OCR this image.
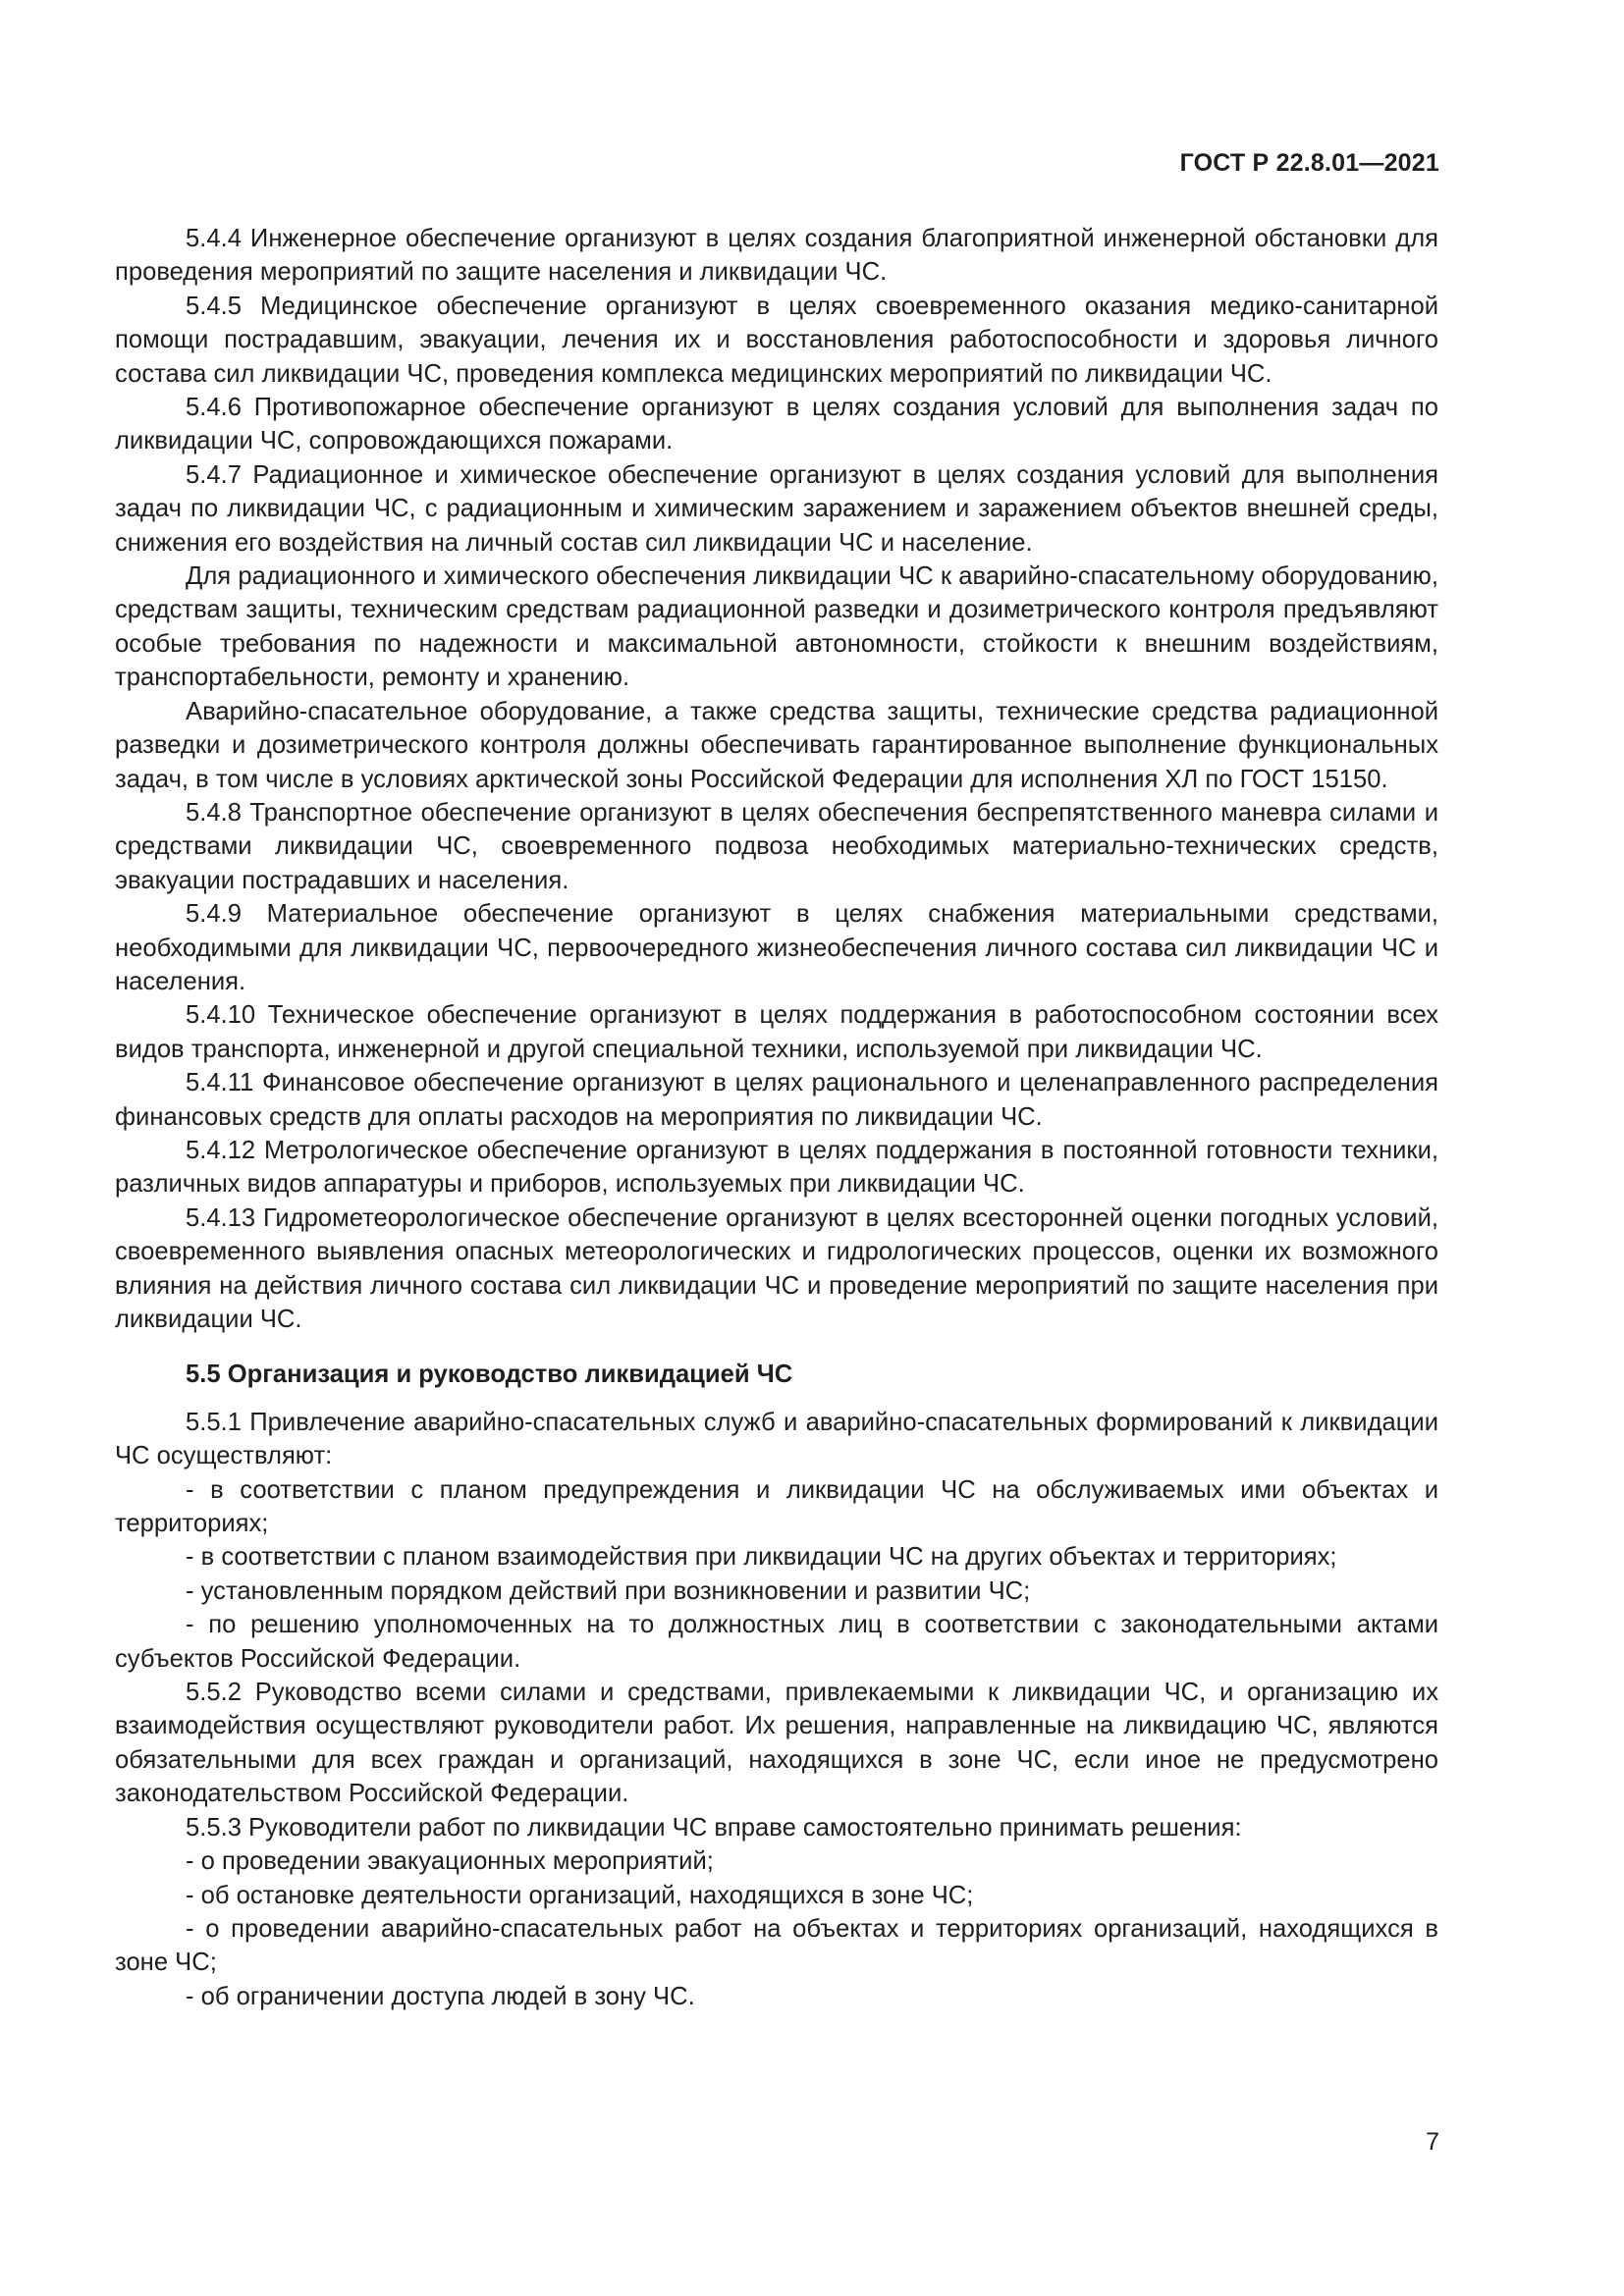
ГОСТ Р 22.8.01—2021

5.4.4 Инженерное обеспечение организуют в целях создания благоприятной инженерной обстановки для проведения мероприятий по защите населения и ликвидации ЧС.

5.4.5 Медицинское обеспечение организуют в целях своевременного оказания медико-санитарной помощи пострадавшим, эвакуации, лечения их и восстановления работоспособности и здоровья личного состава сил ликвидации ЧС, проведения комплекса медицинских мероприятий по ликвидации ЧС.

5.4.6 Противопожарное обеспечение организуют в целях создания условий для выполнения задач по ликвидации ЧС, сопровождающихся пожарами.

5.4.7 Радиационное и химическое обеспечение организуют в целях создания условий для выполнения задач по ликвидации ЧС, с радиационным и химическим заражением и заражением объектов внешней среды, снижения его воздействия на личный состав сил ликвидации ЧС и население.

Для радиационного и химического обеспечения ликвидации ЧС к аварийно-спасательному оборудованию, средствам защиты, техническим средствам радиационной разведки и дозиметрического контроля предъявляют особые требования по надежности и максимальной автономности, стойкости к внешним воздействиям, транспортабельности, ремонту и хранению.

Аварийно-спасательное оборудование, а также средства защиты, технические средства радиационной разведки и дозиметрического контроля должны обеспечивать гарантированное выполнение функциональных задач, в том числе в условиях арктической зоны Российской Федерации для исполнения ХЛ по ГОСТ 15150.

5.4.8 Транспортное обеспечение организуют в целях обеспечения беспрепятственного маневра силами и средствами ликвидации ЧС, своевременного подвоза необходимых материально-технических средств, эвакуации пострадавших и населения.

5.4.9 Материальное обеспечение организуют в целях снабжения материальными средствами, необходимыми для ликвидации ЧС, первоочередного жизнеобеспечения личного состава сил ликвидации ЧС и населения.

5.4.10 Техническое обеспечение организуют в целях поддержания в работоспособном состоянии всех видов транспорта, инженерной и другой специальной техники, используемой при ликвидации ЧС.

5.4.11 Финансовое обеспечение организуют в целях рационального и целенаправленного распределения финансовых средств для оплаты расходов на мероприятия по ликвидации ЧС.

5.4.12 Метрологическое обеспечение организуют в целях поддержания в постоянной готовности техники, различных видов аппаратуры и приборов, используемых при ликвидации ЧС.

5.4.13 Гидрометеорологическое обеспечение организуют в целях всесторонней оценки погодных условий, своевременного выявления опасных метеорологических и гидрологических процессов, оценки их возможного влияния на действия личного состава сил ликвидации ЧС и проведение мероприятий по защите населения при ликвидации ЧС.

5.5 Организация и руководство ликвидацией ЧС

5.5.1 Привлечение аварийно-спасательных служб и аварийно-спасательных формирований к ликвидации ЧС осуществляют:

- в соответствии с планом предупреждения и ликвидации ЧС на обслуживаемых ими объектах и территориях;

- в соответствии с планом взаимодействия при ликвидации ЧС на других объектах и территориях;

- установленным порядком действий при возникновении и развитии ЧС;

- по решению уполномоченных на то должностных лиц в соответствии с законодательными актами субъектов Российской Федерации.

5.5.2 Руководство всеми силами и средствами, привлекаемыми к ликвидации ЧС, и организацию их взаимодействия осуществляют руководители работ. Их решения, направленные на ликвидацию ЧС, являются обязательными для всех граждан и организаций, находящихся в зоне ЧС, если иное не предусмотрено законодательством Российской Федерации.

5.5.3 Руководители работ по ликвидации ЧС вправе самостоятельно принимать решения:

- о проведении эвакуационных мероприятий;

- об остановке деятельности организаций, находящихся в зоне ЧС;

- о проведении аварийно-спасательных работ на объектах и территориях организаций, находящихся в зоне ЧС;

- об ограничении доступа людей в зону ЧС.

7
